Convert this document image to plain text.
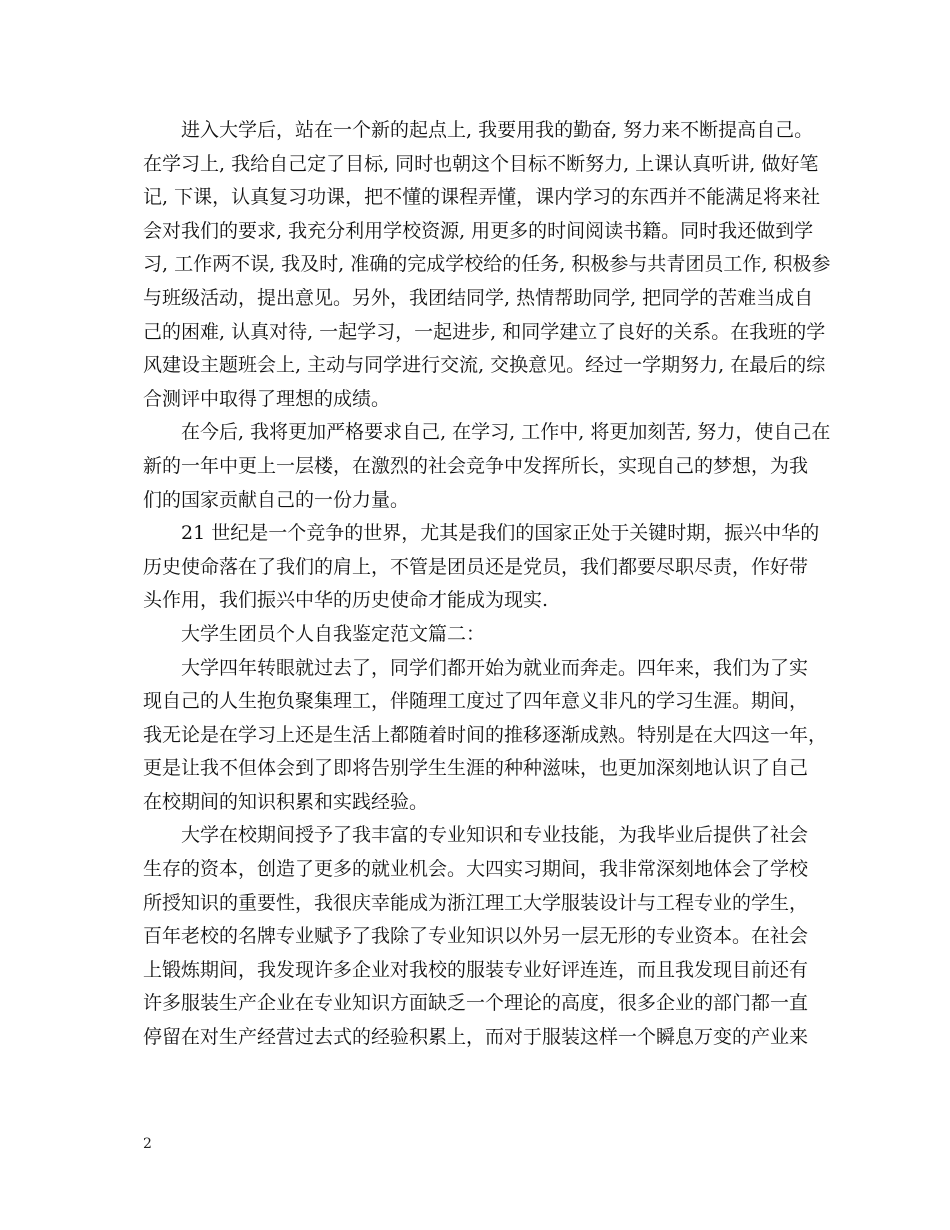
进入大学后，站在一个新的起点上, 我要用我的勤奋, 努力来不断提高自己。
在学习上, 我给自己定了目标, 同时也朝这个目标不断努力, 上课认真听讲, 做好笔
记, 下课，认真复习功课，把不懂的课程弄懂，课内学习的东西并不能满足将来社
会对我们的要求, 我充分利用学校资源, 用更多的时间阅读书籍。同时我还做到学
习, 工作两不误, 我及时, 准确的完成学校给的任务, 积极参与共青团员工作, 积极参
与班级活动，提出意见。另外，我团结同学, 热情帮助同学, 把同学的苦难当成自
己的困难, 认真对待, 一起学习，一起进步, 和同学建立了良好的关系。在我班的学
风建设主题班会上, 主动与同学进行交流, 交换意见。经过一学期努力, 在最后的综
合测评中取得了理想的成绩。
在今后, 我将更加严格要求自己, 在学习, 工作中, 将更加刻苦, 努力，使自己在
新的一年中更上一层楼，在激烈的社会竞争中发挥所长，实现自己的梦想，为我
们的国家贡献自己的一份力量。
21 世纪是一个竞争的世界，尤其是我们的国家正处于关键时期，振兴中华的
历史使命落在了我们的肩上，不管是团员还是党员，我们都要尽职尽责，作好带
头作用，我们振兴中华的历史使命才能成为现实.
大学生团员个人自我鉴定范文篇二：
大学四年转眼就过去了，同学们都开始为就业而奔走。四年来，我们为了实
现自己的人生抱负聚集理工，伴随理工度过了四年意义非凡的学习生涯。期间，
我无论是在学习上还是生活上都随着时间的推移逐渐成熟。特别是在大四这一年，
更是让我不但体会到了即将告别学生生涯的种种滋味，也更加深刻地认识了自己
在校期间的知识积累和实践经验。
大学在校期间授予了我丰富的专业知识和专业技能，为我毕业后提供了社会
生存的资本，创造了更多的就业机会。大四实习期间，我非常深刻地体会了学校
所授知识的重要性，我很庆幸能成为浙江理工大学服装设计与工程专业的学生，
百年老校的名牌专业赋予了我除了专业知识以外另一层无形的专业资本。在社会
上锻炼期间，我发现许多企业对我校的服装专业好评连连，而且我发现目前还有
许多服装生产企业在专业知识方面缺乏一个理论的高度，很多企业的部门都一直
停留在对生产经营过去式的经验积累上，而对于服装这样一个瞬息万变的产业来
2
